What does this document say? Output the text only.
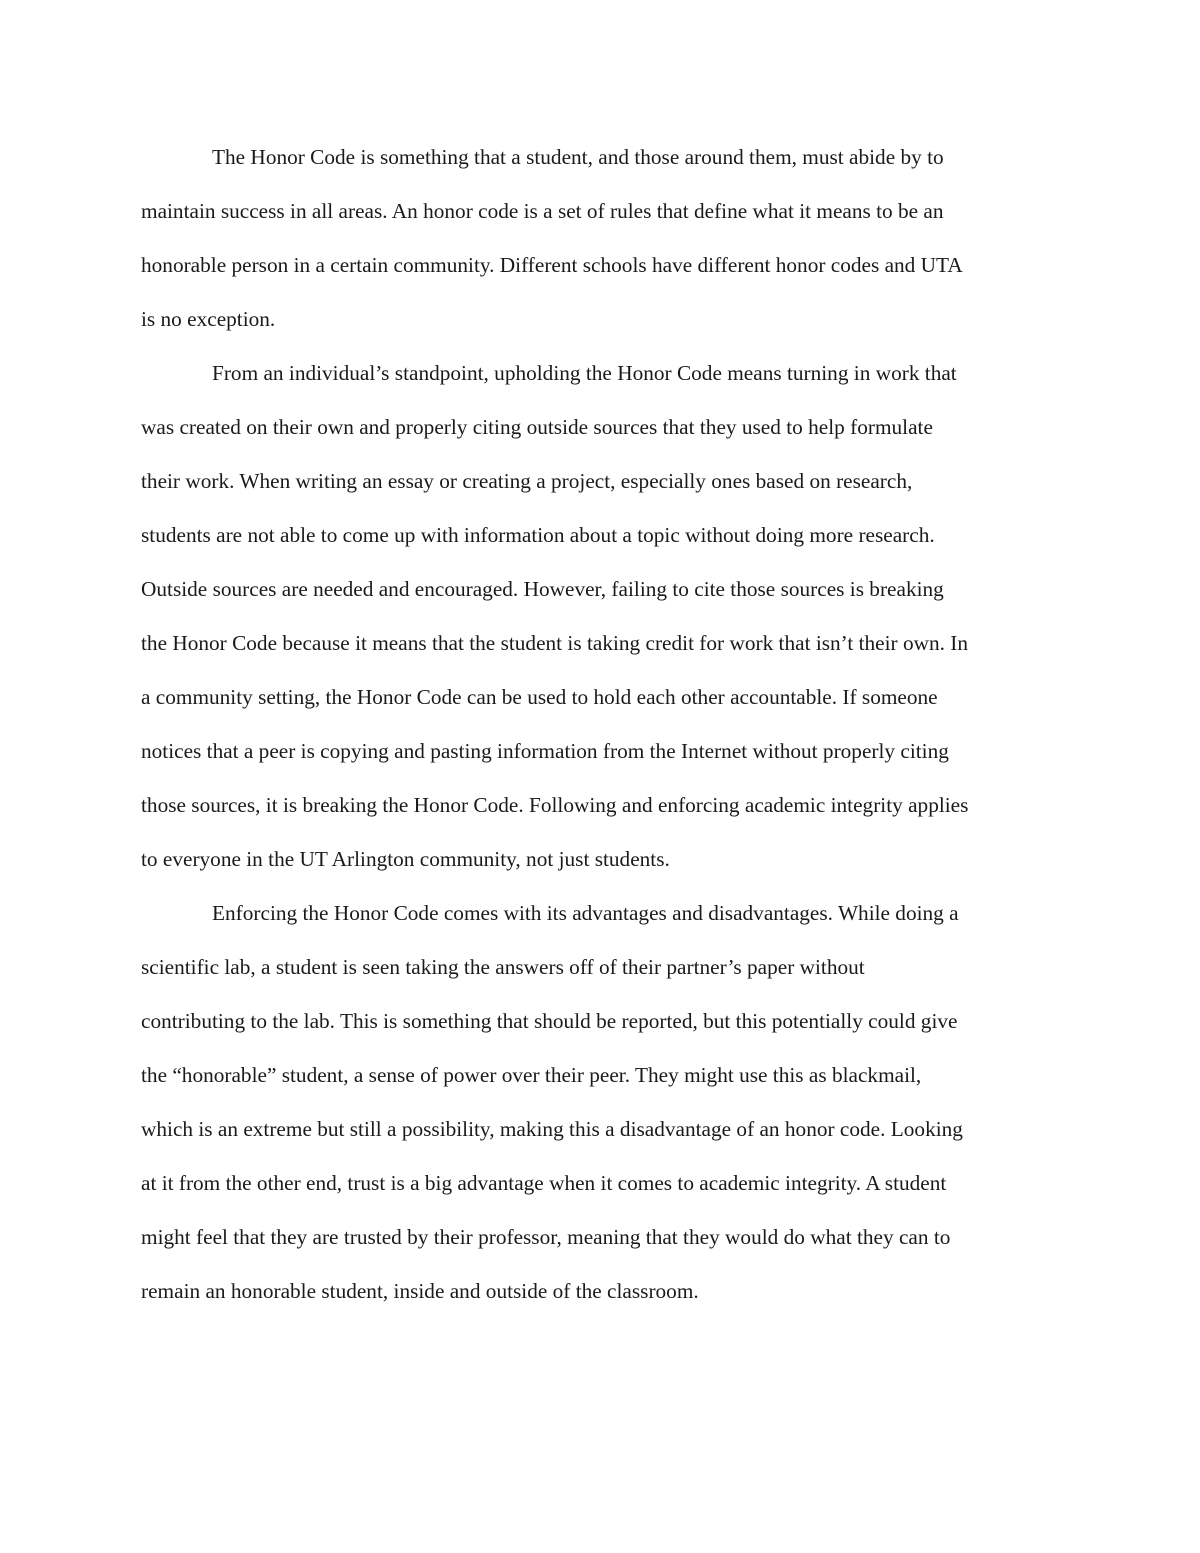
The Honor Code is something that a student, and those around them, must abide by to
maintain success in all areas. An honor code is a set of rules that define what it means to be an
honorable person in a certain community. Different schools have different honor codes and UTA
is no exception.
From an individual’s standpoint, upholding the Honor Code means turning in work that
was created on their own and properly citing outside sources that they used to help formulate
their work. When writing an essay or creating a project, especially ones based on research,
students are not able to come up with information about a topic without doing more research.
Outside sources are needed and encouraged. However, failing to cite those sources is breaking
the Honor Code because it means that the student is taking credit for work that isn’t their own. In
a community setting, the Honor Code can be used to hold each other accountable. If someone
notices that a peer is copying and pasting information from the Internet without properly citing
those sources, it is breaking the Honor Code. Following and enforcing academic integrity applies
to everyone in the UT Arlington community, not just students.
Enforcing the Honor Code comes with its advantages and disadvantages. While doing a
scientific lab, a student is seen taking the answers off of their partner’s paper without
contributing to the lab. This is something that should be reported, but this potentially could give
the “honorable” student, a sense of power over their peer. They might use this as blackmail,
which is an extreme but still a possibility, making this a disadvantage of an honor code. Looking
at it from the other end, trust is a big advantage when it comes to academic integrity. A student
might feel that they are trusted by their professor, meaning that they would do what they can to
remain an honorable student, inside and outside of the classroom.
